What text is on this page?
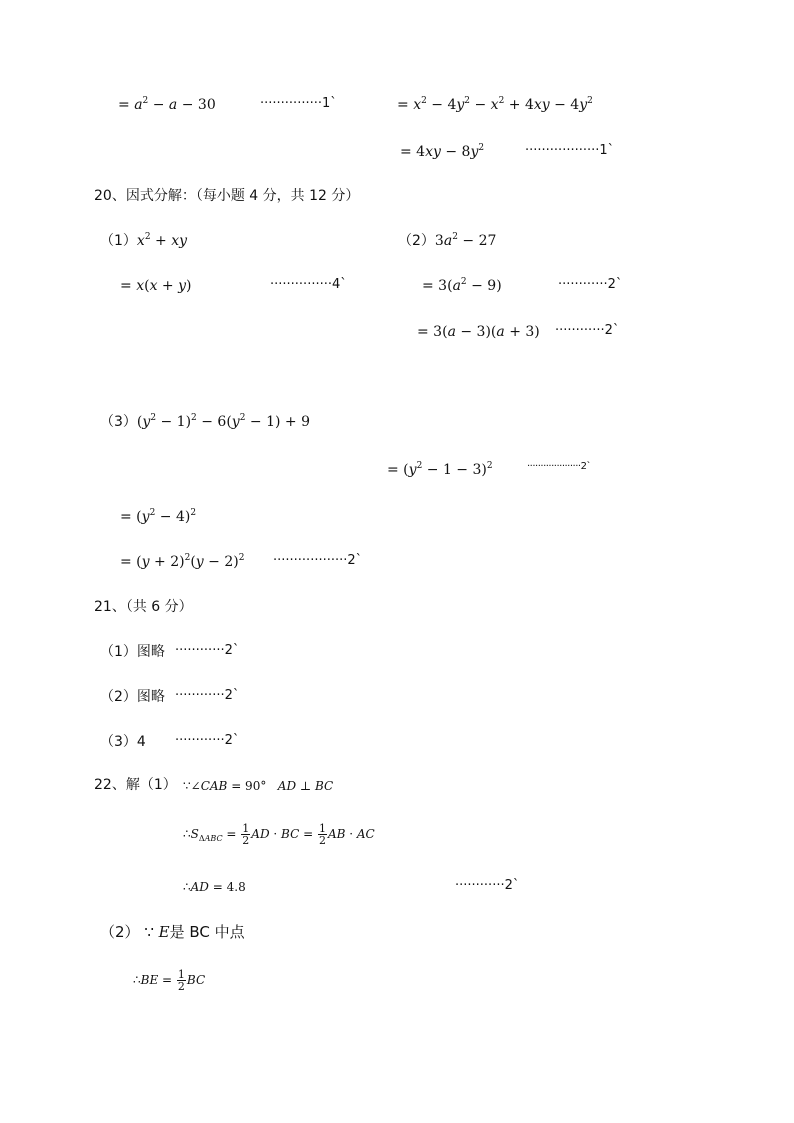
= $a^2 - a - 30$	···············1`	= $x^2 - 4y^2 - x^2 + 4xy - 4y^2$
= $4xy - 8y^2$	··················1`
20、因式分解：（每小题 4 分，共 12 分）
$(1)x^2$ + xy
= x(x + y)	···············4`
$(2)3a^2 - 27$
= $3(a^2 - 9)$	············2`
= 3(a − 3)(a + 3) ············2`
$(3)(y^2 - 1)^2 - 6(y^2 - 1) + 9$
= $(y^2 - 1 - 3)^2$	····················2`
= $(y^2 - 4)^2$
= $(y + 2)^2(y - 2)^2$ ··················2`
21、（共 6 分）
（1）图略 ············2`
（2）图略 ············2`
（3）4 ············2`
22、解（1） ∵∠CAB = 90°   AD ⊥ BC
$\therefore S_{\Delta ABC} = \frac{1}{2}$ AD · BC = $\frac{1}{2}$ AB · AC
∴AD = 4.8	············2`
（2） ∵ E是 BC 中点
∴BE = $\frac{1}{2}$ BC
